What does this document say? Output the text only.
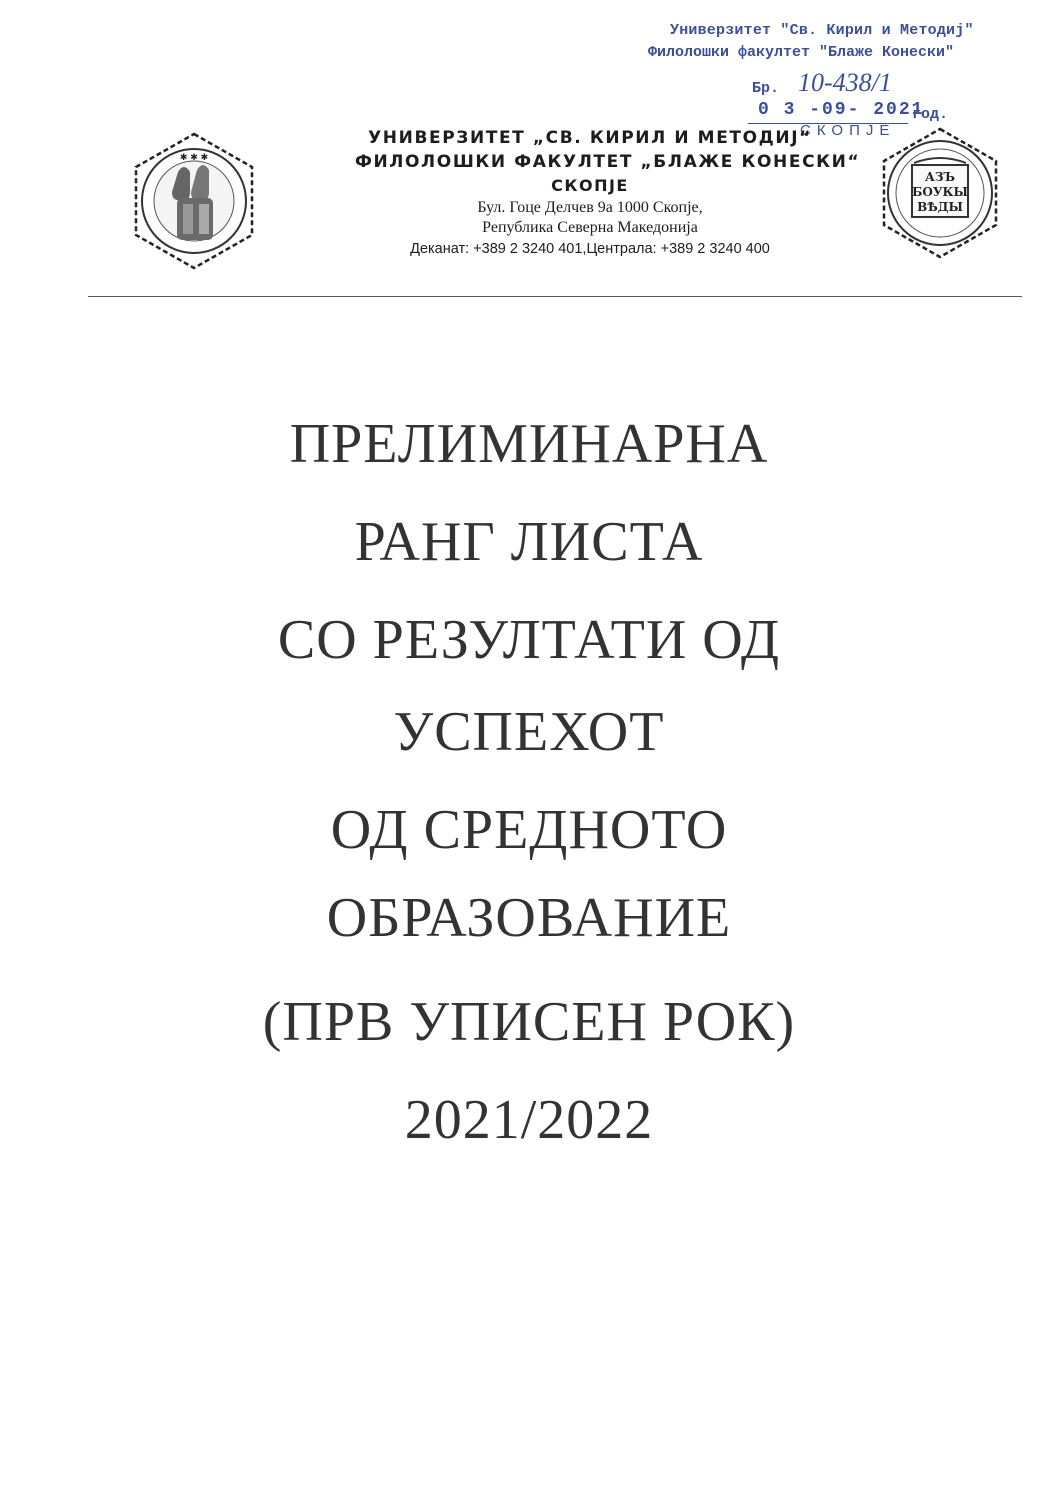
Универзитет "Св. Кирил и Методиј"
Филолошки факултет "Блаже Конески"
Бр. 10-438/1
0 3 -09- 2021
год.
СКОПЈЕ
✱ ✱ ✱
УНИВЕРЗИТЕТ „СВ. КИРИЛ И МЕТОДИЈ“
ФИЛОЛОШКИ ФАКУЛТЕТ „БЛАЖЕ КОНЕСКИ“
СКОПЈЕ
Бул. Гоце Делчев 9а 1000 Скопје,
Република Северна Македонија
Деканат: +389 2 3240 401,Централа: +389 2 3240 400
АЗЪ
БОУКЫ
ВѢДЫ
ПРЕЛИМИНАРНА
РАНГ ЛИСТА
СО РЕЗУЛТАТИ ОД
УСПЕХОТ
ОД СРЕДНОТО
ОБРАЗОВАНИЕ
(ПРВ УПИСЕН РОК)
2021/2022
